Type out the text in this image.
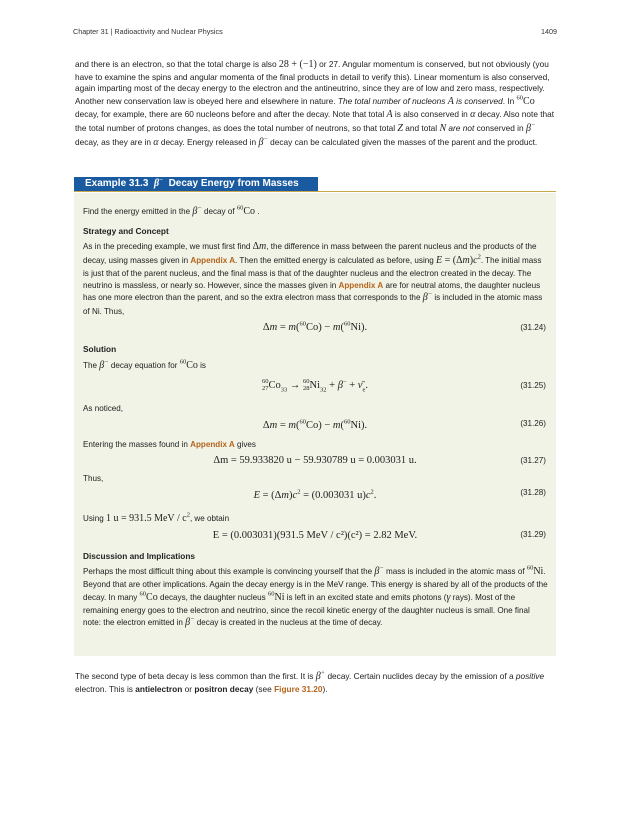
Chapter 31 | Radioactivity and Nuclear Physics	1409

and there is an electron, so that the total charge is also 28 + (−1) or 27. Angular momentum is conserved, but not obviously (you have to examine the spins and angular momenta of the final products in detail to verify this). Linear momentum is also conserved, again imparting most of the decay energy to the electron and the antineutrino, since they are of low and zero mass, respectively. Another new conservation law is obeyed here and elsewhere in nature. The total number of nucleons A is conserved. In $^{60}$Co decay, for example, there are 60 nucleons before and after the decay. Note that total A is also conserved in α decay. Also note that the total number of protons changes, as does the total number of neutrons, so that total Z and total N are not conserved in β− decay, as they are in α decay. Energy released in β− decay can be calculated given the masses of the parent and the product.

Example 31.3 β− Decay Energy from Masses

Find the energy emitted in the β− decay of $^{60}$Co .

Strategy and Concept

As in the preceding example, we must first find Δm, the difference in mass between the parent nucleus and the products of the decay, using masses given in Appendix A. Then the emitted energy is calculated as before, using $E = (\Delta m)c^2$. The initial mass is just that of the parent nucleus, and the final mass is that of the daughter nucleus and the electron created in the decay. The neutrino is massless, or nearly so. However, since the masses given in Appendix A are for neutral atoms, the daughter nucleus has one more electron than the parent, and so the extra electron mass that corresponds to the β− is included in the atomic mass of Ni. Thus,

Δm = m($^{60}$Co) − m($^{60}$Ni).	(31.24)
Solution

The β− decay equation for $^{60}$Co is

60
$27Co_{33} \to 60$
$28Ni_{32} + \beta^-$ + $\nū_e$.	(31.25)

As noticed,

Δm = m($^{60}$Co) − m($^{60}$Ni).	(31.26)

Entering the masses found in Appendix A gives

Δm = 59.933820 u − 59.930789 u = 0.003031 u.	(31.27)

Thus,

$E = (\Delta m)c^2 = (0.003031$ $u)c^2$.	(31.28)

Using 1 u = 931.5 MeV / $c^2$, we obtain

E = (0.003031)(931.5 MeV / c²)(c²) = 2.82 MeV.	(31.29)
Discussion and Implications

Perhaps the most difficult thing about this example is convincing yourself that the β− mass is included in the atomic mass of $^{60}$Ni. Beyond that are other implications. Again the decay energy is in the MeV range. This energy is shared by all of the products of the decay. In many $^{60}$Co decays, the daughter nucleus $^{60}$Ni is left in an excited state and emits photons (γ rays). Most of the remaining energy goes to the electron and neutrino, since the recoil kinetic energy of the daughter nucleus is small. One final note: the electron emitted in β− decay is created in the nucleus at the time of decay.

The second type of beta decay is less common than the first. It is β+ decay. Certain nuclides decay by the emission of a positive electron. This is antielectron or positron decay (see Figure 31.20).
